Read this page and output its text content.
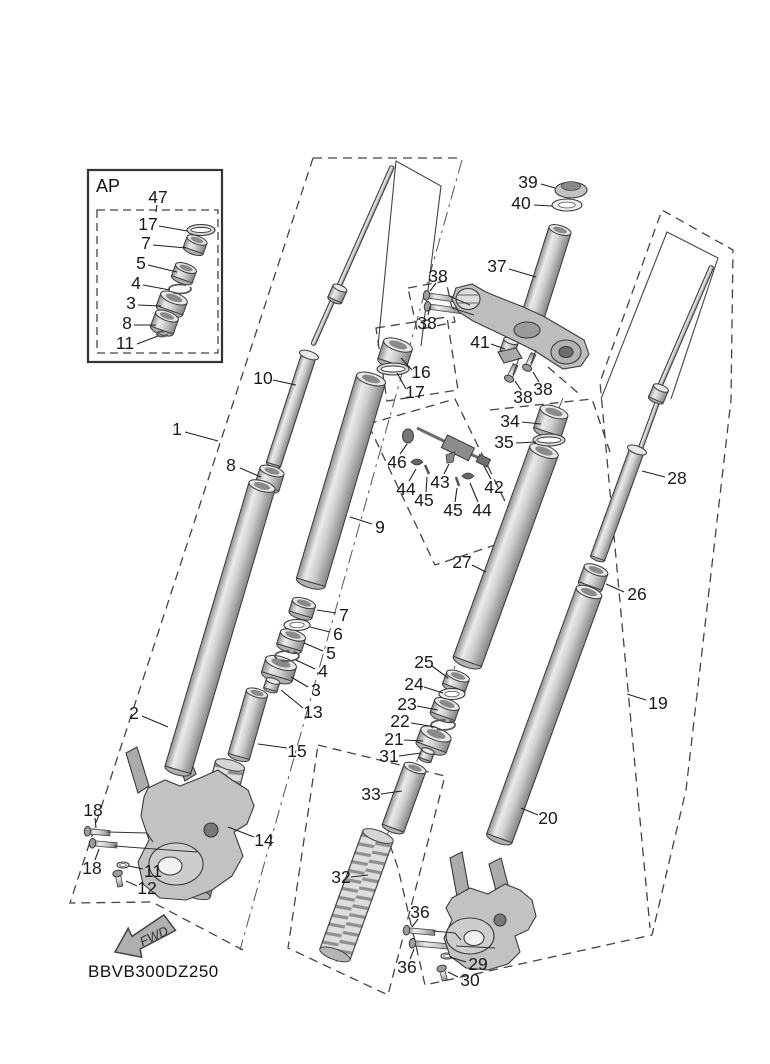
AP
FWD
BBVB300DZ250
47
17
7
5
4
3
8
11
39
40
37
38
38
41
38 38
1
10
8
9
16
17
2
7
6
5
4
3
13
15
14
18
18 11
12
34
35
46
44
45
43
45 44
42
27
25
24
23
22
21
31
33
32
36
36	29
30
28
26
19
20
